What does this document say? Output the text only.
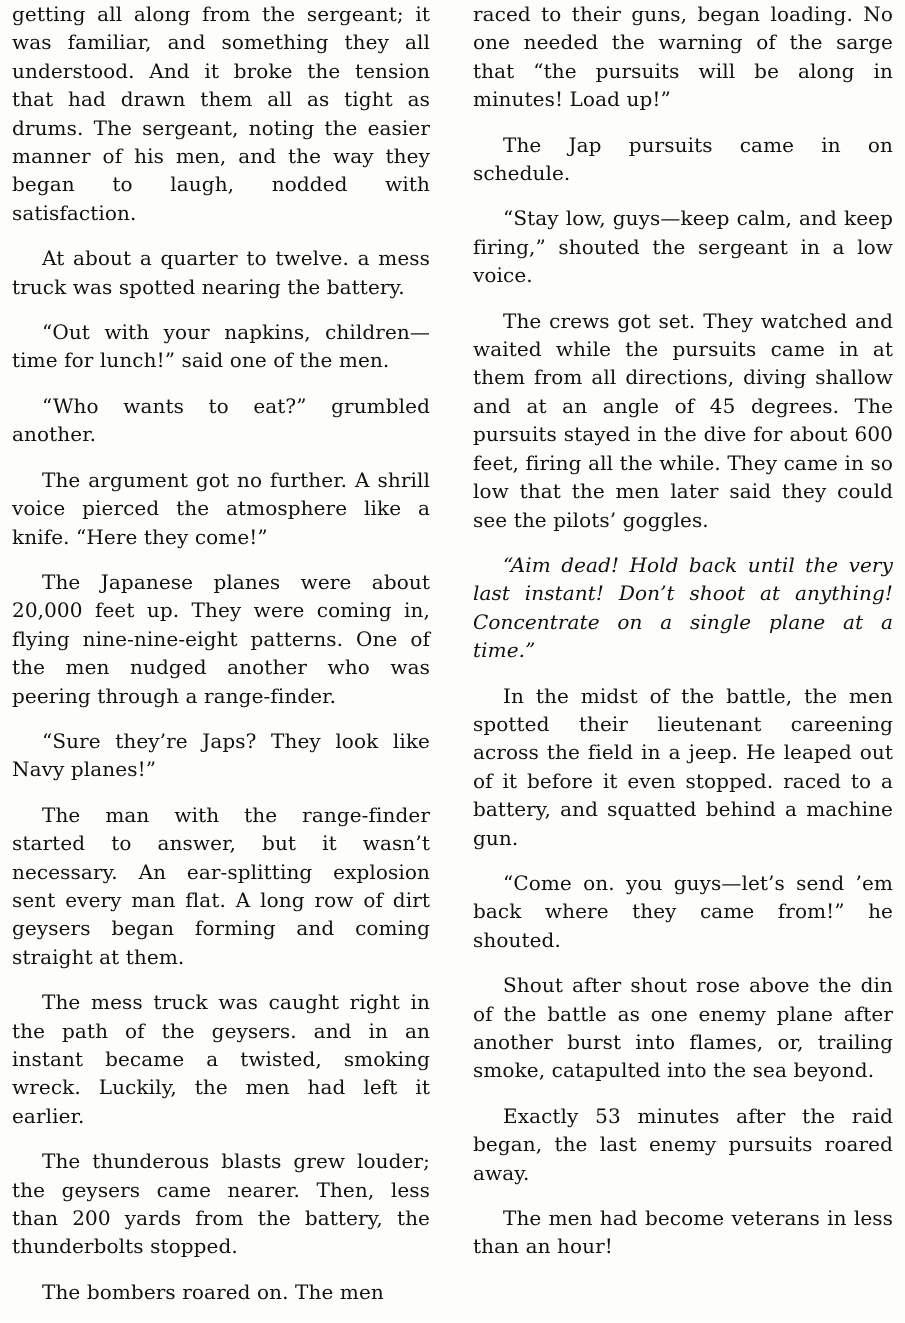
getting all along from the sergeant; it was familiar, and something they all understood. And it broke the tension that had drawn them all as tight as drums. The sergeant, noting the easier manner of his men, and the way they began to laugh, nodded with satisfaction.

At about a quarter to twelve. a mess truck was spotted nearing the battery.

“Out with your napkins, children—time for lunch!” said one of the men.

“Who wants to eat?” grumbled another.

The argument got no further. A shrill voice pierced the atmosphere like a knife. “Here they come!”

The Japanese planes were about 20,000 feet up. They were coming in, flying nine-nine-eight patterns. One of the men nudged another who was peering through a range-finder.

“Sure they’re Japs? They look like Navy planes!”

The man with the range-finder started to answer, but it wasn’t necessary. An ear-splitting explosion sent every man flat. A long row of dirt geysers began forming and coming straight at them.

The mess truck was caught right in the path of the geysers. and in an instant became a twisted, smoking wreck. Luckily, the men had left it earlier.

The thunderous blasts grew louder; the geysers came nearer. Then, less than 200 yards from the battery, the thunderbolts stopped.

The bombers roared on. The men

raced to their guns, began loading. No one needed the warning of the sarge that “the pursuits will be along in minutes! Load up!”

The Jap pursuits came in on schedule.

“Stay low, guys—keep calm, and keep firing,” shouted the sergeant in a low voice.

The crews got set. They watched and waited while the pursuits came in at them from all directions, diving shallow and at an angle of 45 degrees. The pursuits stayed in the dive for about 600 feet, firing all the while. They came in so low that the men later said they could see the pilots’ goggles.

“Aim dead! Hold back until the very last instant! Don’t shoot at anything! Concentrate on a single plane at a time.”

In the midst of the battle, the men spotted their lieutenant careening across the field in a jeep. He leaped out of it before it even stopped. raced to a battery, and squatted behind a machine gun.

“Come on. you guys—let’s send ’em back where they came from!” he shouted.

Shout after shout rose above the din of the battle as one enemy plane after another burst into flames, or, trailing smoke, catapulted into the sea beyond.

Exactly 53 minutes after the raid began, the last enemy pursuits roared away.

The men had become veterans in less than an hour!
